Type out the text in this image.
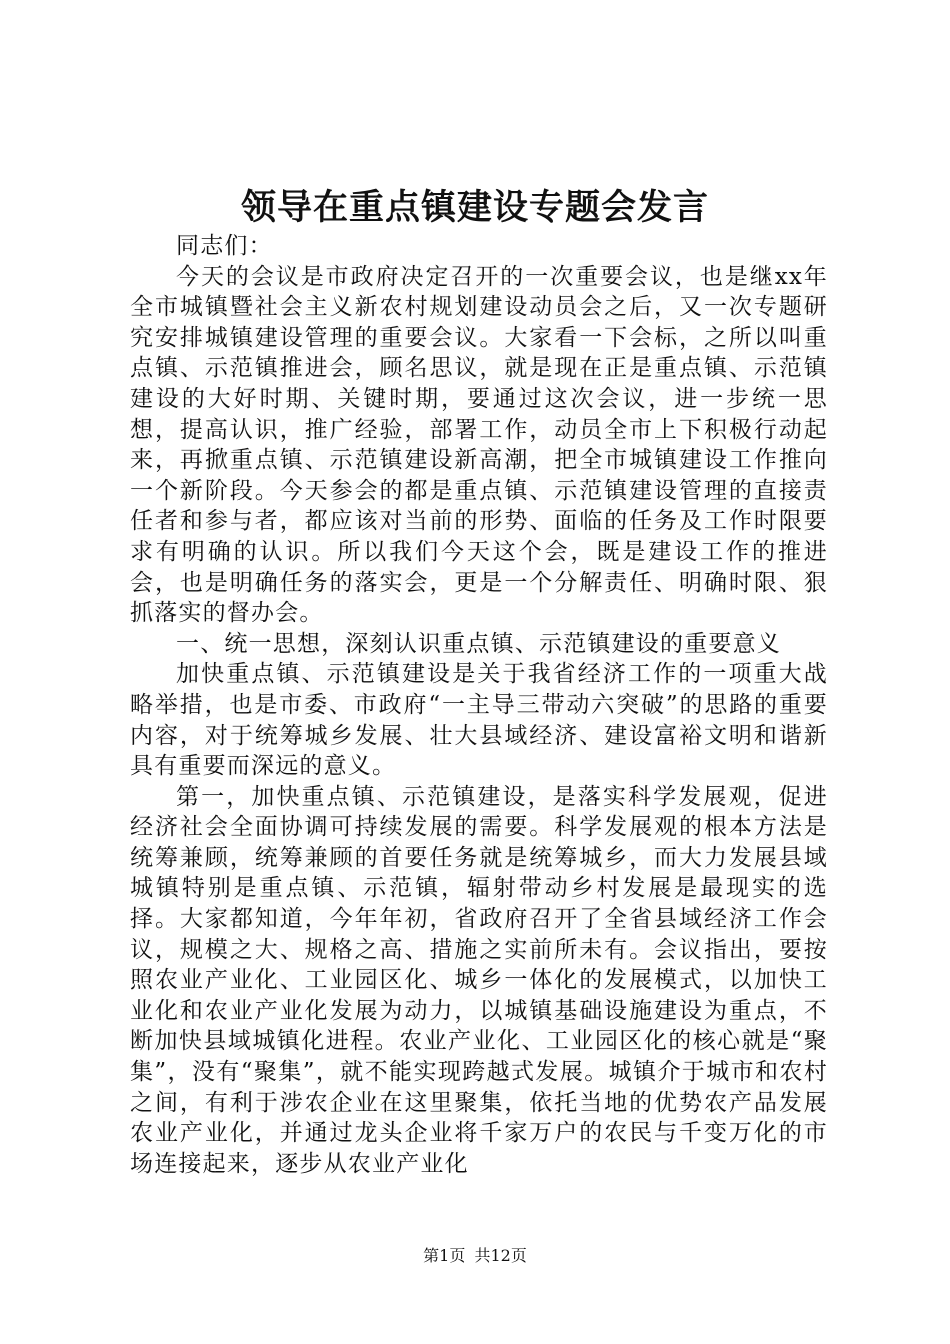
领导在重点镇建设专题会发言

同志们：

今天的会议是市政府决定召开的一次重要会议，也是继xx年全市城镇暨社会主义新农村规划建设动员会之后，又一次专题研究安排城镇建设管理的重要会议。大家看一下会标，之所以叫重点镇、示范镇推进会，顾名思议，就是现在正是重点镇、示范镇建设的大好时期、关键时期，要通过这次会议，进一步统一思想，提高认识，推广经验，部署工作，动员全市上下积极行动起来，再掀重点镇、示范镇建设新高潮，把全市城镇建设工作推向一个新阶段。今天参会的都是重点镇、示范镇建设管理的直接责任者和参与者，都应该对当前的形势、面临的任务及工作时限要求有明确的认识。所以我们今天这个会，既是建设工作的推进会，也是明确任务的落实会，更是一个分解责任、明确时限、狠抓落实的督办会。

一、统一思想，深刻认识重点镇、示范镇建设的重要意义

加快重点镇、示范镇建设是关于我省经济工作的一项重大战略举措，也是市委、市政府“一主导三带动六突破”的思路的重要内容，对于统筹城乡发展、壮大县域经济、建设富裕文明和谐新具有重要而深远的意义。

第一，加快重点镇、示范镇建设，是落实科学发展观，促进经济社会全面协调可持续发展的需要。科学发展观的根本方法是统筹兼顾，统筹兼顾的首要任务就是统筹城乡，而大力发展县域城镇特别是重点镇、示范镇，辐射带动乡村发展是最现实的选择。大家都知道，今年年初，省政府召开了全省县域经济工作会议，规模之大、规格之高、措施之实前所未有。会议指出，要按照农业产业化、工业园区化、城乡一体化的发展模式，以加快工业化和农业产业化发展为动力，以城镇基础设施建设为重点，不断加快县域城镇化进程。农业产业化、工业园区化的核心就是“聚集”，没有“聚集”，就不能实现跨越式发展。城镇介于城市和农村之间，有利于涉农企业在这里聚集，依托当地的优势农产品发展农业产业化，并通过龙头企业将千家万户的农民与千变万化的市场连接起来，逐步从农业产业化

第1页 共12页
